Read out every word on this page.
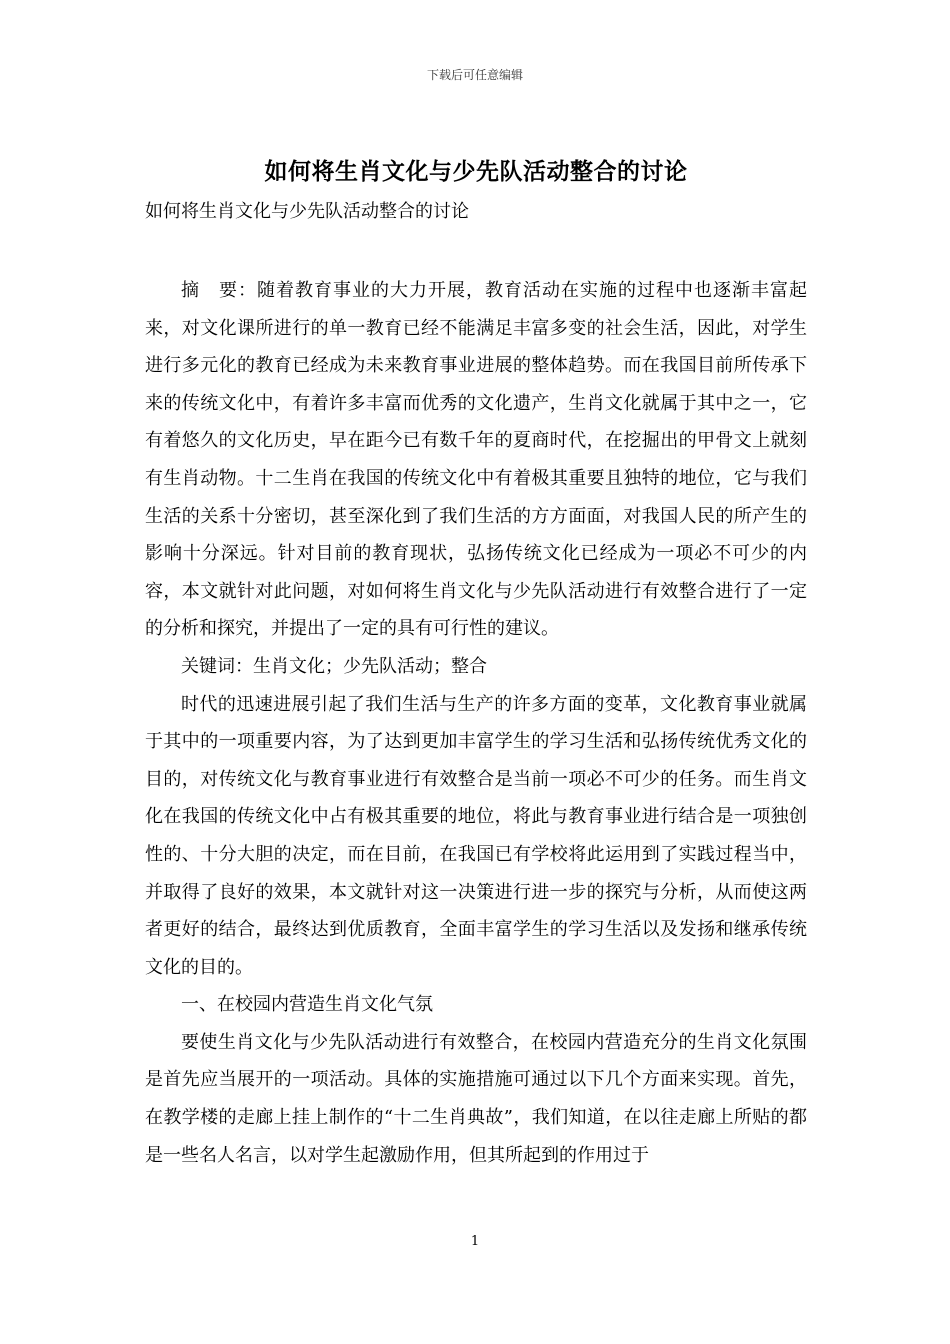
下载后可任意编辑
如何将生肖文化与少先队活动整合的讨论

如何将生肖文化与少先队活动整合的讨论

摘　要：随着教育事业的大力开展，教育活动在实施的过程中也逐渐丰富起来，对文化课所进行的单一教育已经不能满足丰富多变的社会生活，因此，对学生进行多元化的教育已经成为未来教育事业进展的整体趋势。而在我国目前所传承下来的传统文化中，有着许多丰富而优秀的文化遗产，生肖文化就属于其中之一，它有着悠久的文化历史，早在距今已有数千年的夏商时代，在挖掘出的甲骨文上就刻有生肖动物。十二生肖在我国的传统文化中有着极其重要且独特的地位，它与我们生活的关系十分密切，甚至深化到了我们生活的方方面面，对我国人民的所产生的影响十分深远。针对目前的教育现状，弘扬传统文化已经成为一项必不可少的内容，本文就针对此问题，对如何将生肖文化与少先队活动进行有效整合进行了一定的分析和探究，并提出了一定的具有可行性的建议。

关键词：生肖文化；少先队活动；整合

时代的迅速进展引起了我们生活与生产的许多方面的变革，文化教育事业就属于其中的一项重要内容，为了达到更加丰富学生的学习生活和弘扬传统优秀文化的目的，对传统文化与教育事业进行有效整合是当前一项必不可少的任务。而生肖文化在我国的传统文化中占有极其重要的地位，将此与教育事业进行结合是一项独创性的、十分大胆的决定，而在目前，在我国已有学校将此运用到了实践过程当中，并取得了良好的效果，本文就针对这一决策进行进一步的探究与分析，从而使这两者更好的结合，最终达到优质教育，全面丰富学生的学习生活以及发扬和继承传统文化的目的。

一、在校园内营造生肖文化气氛

要使生肖文化与少先队活动进行有效整合，在校园内营造充分的生肖文化氛围是首先应当展开的一项活动。具体的实施措施可通过以下几个方面来实现。首先，在教学楼的走廊上挂上制作的“十二生肖典故”，我们知道，在以往走廊上所贴的都是一些名人名言，以对学生起激励作用，但其所起到的作用过于

1
